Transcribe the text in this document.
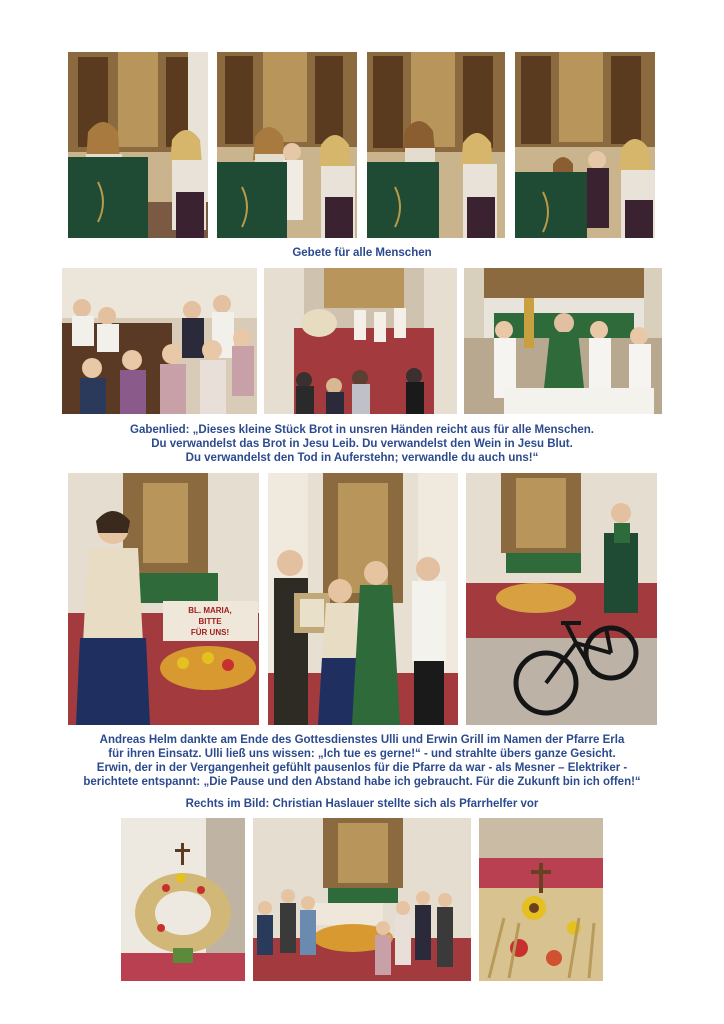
Gebete für alle Menschen
Gabenlied: „Dieses kleine Stück Brot in unsren Händen reicht aus für alle Menschen.
Du verwandelst das Brot in Jesu Leib. Du verwandelst den Wein in Jesu Blut.
Du verwandelst den Tod in Auferstehn; verwandle du auch uns!“
BL. MARIA,
BITTE
FÜR UNS!
Andreas Helm dankte am Ende des Gottesdienstes Ulli und Erwin Grill im Namen der Pfarre Erla
für ihren Einsatz. Ulli ließ uns wissen: „Ich tue es gerne!“ - und strahlte übers ganze Gesicht.
Erwin, der in der Vergangenheit gefühlt pausenlos für die Pfarre da war - als Mesner – Elektriker -
berichtete entspannt: „Die Pause und den Abstand habe ich gebraucht. Für die Zukunft bin ich offen!“
Rechts im Bild: Christian Haslauer stellte sich als Pfarrhelfer vor
